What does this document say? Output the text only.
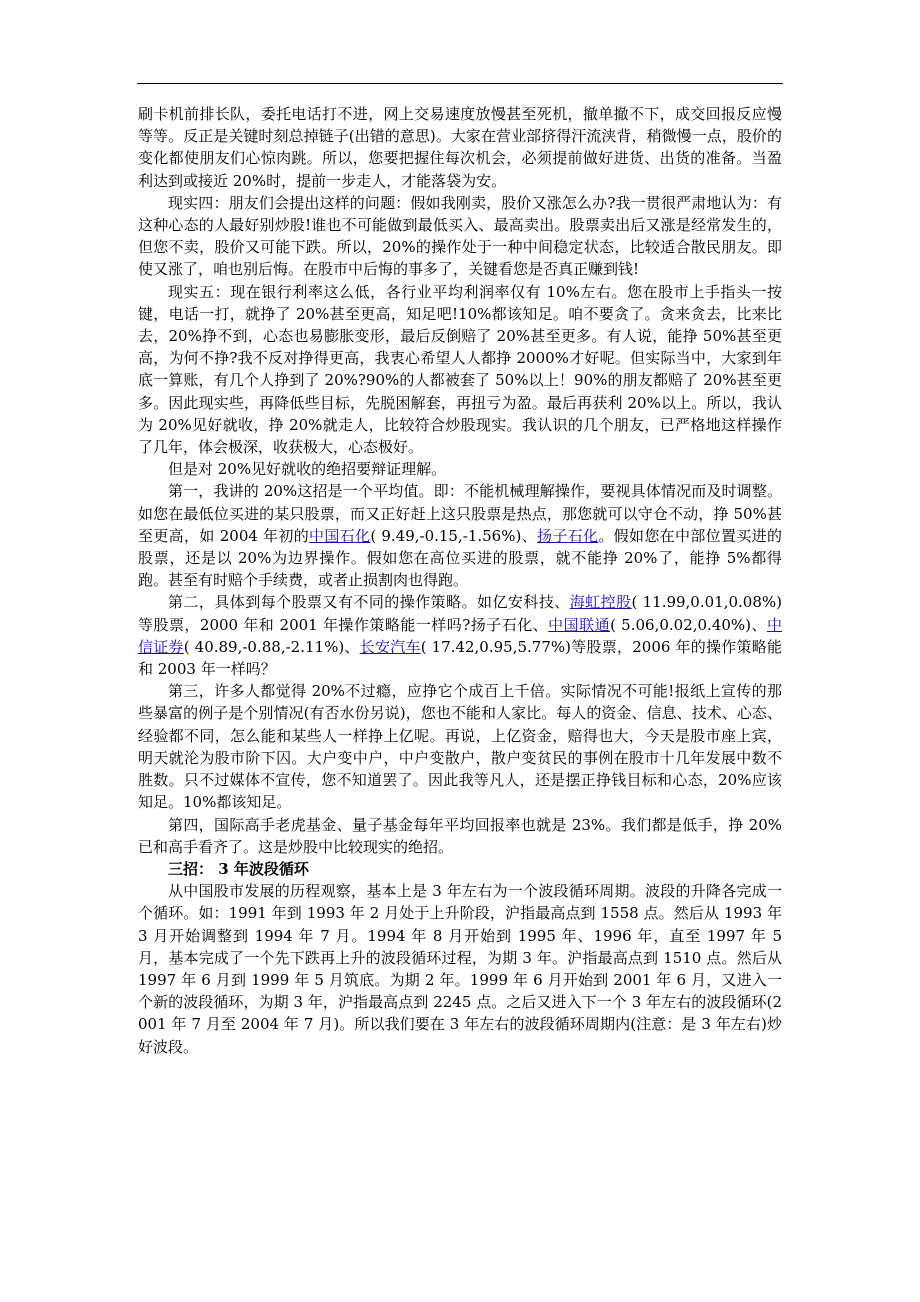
刷卡机前排长队，委托电话打不进，网上交易速度放慢甚至死机，撤单撤不下，成交回报反应慢等等。反正是关键时刻总掉链子(出错的意思)。大家在营业部挤得汗流浃背，稍微慢一点，股价的变化都使朋友们心惊肉跳。所以，您要把握住每次机会，必须提前做好进货、出货的准备。当盈利达到或接近 20%时，提前一步走人，才能落袋为安。

现实四：朋友们会提出这样的问题：假如我刚卖，股价又涨怎么办?我一贯很严肃地认为：有这种心态的人最好别炒股!谁也不可能做到最低买入、最高卖出。股票卖出后又涨是经常发生的，但您不卖，股价又可能下跌。所以，20%的操作处于一种中间稳定状态，比较适合散民朋友。即使又涨了，咱也别后悔。在股市中后悔的事多了，关键看您是否真正赚到钱!

现实五：现在银行利率这么低，各行业平均利润率仅有 10%左右。您在股市上手指头一按键，电话一打，就挣了 20%甚至更高，知足吧!10%都该知足。咱不要贪了。贪来贪去，比来比去，20%挣不到，心态也易膨胀变形，最后反倒赔了 20%甚至更多。有人说，能挣 50%甚至更高，为何不挣?我不反对挣得更高，我衷心希望人人都挣 2000%才好呢。但实际当中，大家到年底一算账，有几个人挣到了 20%?90%的人都被套了 50%以上！90%的朋友都赔了 20%甚至更多。因此现实些，再降低些目标，先脱困解套，再扭亏为盈。最后再获利 20%以上。所以，我认为 20%见好就收，挣 20%就走人，比较符合炒股现实。我认识的几个朋友，已严格地这样操作了几年，体会极深，收获极大，心态极好。

但是对 20%见好就收的绝招要辩证理解。

第一，我讲的 20%这招是一个平均值。即：不能机械理解操作，要视具体情况而及时调整。如您在最低位买进的某只股票，而又正好赶上这只股票是热点，那您就可以守仓不动，挣 50%甚至更高，如 2004 年初的中国石化( 9.49,-0.15,-1.56%)、扬子石化。假如您在中部位置买进的股票，还是以 20%为边界操作。假如您在高位买进的股票，就不能挣 20%了，能挣 5%都得跑。甚至有时赔个手续费，或者止损割肉也得跑。

第二，具体到每个股票又有不同的操作策略。如亿安科技、海虹控股( 11.99,0.01,0.08%)等股票，2000 年和 2001 年操作策略能一样吗?扬子石化、中国联通( 5.06,0.02,0.40%)、中信证券( 40.89,-0.88,-2.11%)、长安汽车( 17.42,0.95,5.77%)等股票，2006 年的操作策略能和 2003 年一样吗？

第三，许多人都觉得 20%不过瘾，应挣它个成百上千倍。实际情况不可能!报纸上宣传的那些暴富的例子是个别情况(有否水份另说)，您也不能和人家比。每人的资金、信息、技术、心态、经验都不同，怎么能和某些人一样挣上亿呢。再说，上亿资金，赔得也大，今天是股市座上宾，明天就沦为股市阶下囚。大户变中户，中户变散户，散户变贫民的事例在股市十几年发展中数不胜数。只不过媒体不宣传，您不知道罢了。因此我等凡人，还是摆正挣钱目标和心态，20%应该知足。10%都该知足。

第四，国际高手老虎基金、量子基金每年平均回报率也就是 23%。我们都是低手，挣 20%已和高手看齐了。这是炒股中比较现实的绝招。

三招： 3 年波段循环

从中国股市发展的历程观察，基本上是 3 年左右为一个波段循环周期。波段的升降各完成一个循环。如：1991 年到 1993 年 2 月处于上升阶段，沪指最高点到 1558 点。然后从 1993 年 3 月开始调整到 1994 年 7 月。1994 年 8 月开始到 1995 年、1996 年，直至 1997 年 5 月，基本完成了一个先下跌再上升的波段循环过程，为期 3 年。沪指最高点到 1510 点。然后从 1997 年 6 月到 1999 年 5 月筑底。为期 2 年。1999 年 6 月开始到 2001 年 6 月，又进入一个新的波段循环，为期 3 年，沪指最高点到 2245 点。之后又进入下一个 3 年左右的波段循环(2001 年 7 月至 2004 年 7 月)。所以我们要在 3 年左右的波段循环周期内(注意：是 3 年左右)炒好波段。
